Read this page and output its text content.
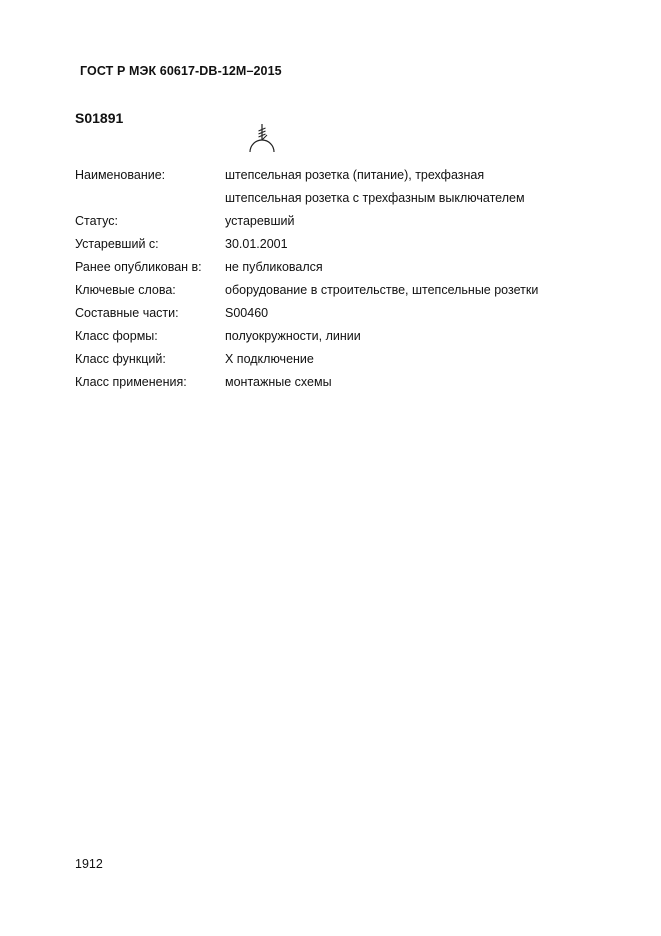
ГОСТ Р МЭК 60617-DB-12M–2015
S01891
Наименование:	штепсельная розетка (питание), трехфазная
штепсельная розетка с трехфазным выключателем
Статус:	устаревший
Устаревший с:	30.01.2001
Ранее опубликован в:	не публиковался
Ключевые слова:	оборудование в строительстве, штепсельные розетки
Составные части:	S00460
Класс формы:	полуокружности, линии
Класс функций:	X подключение
Класс применения:	монтажные схемы
1912
